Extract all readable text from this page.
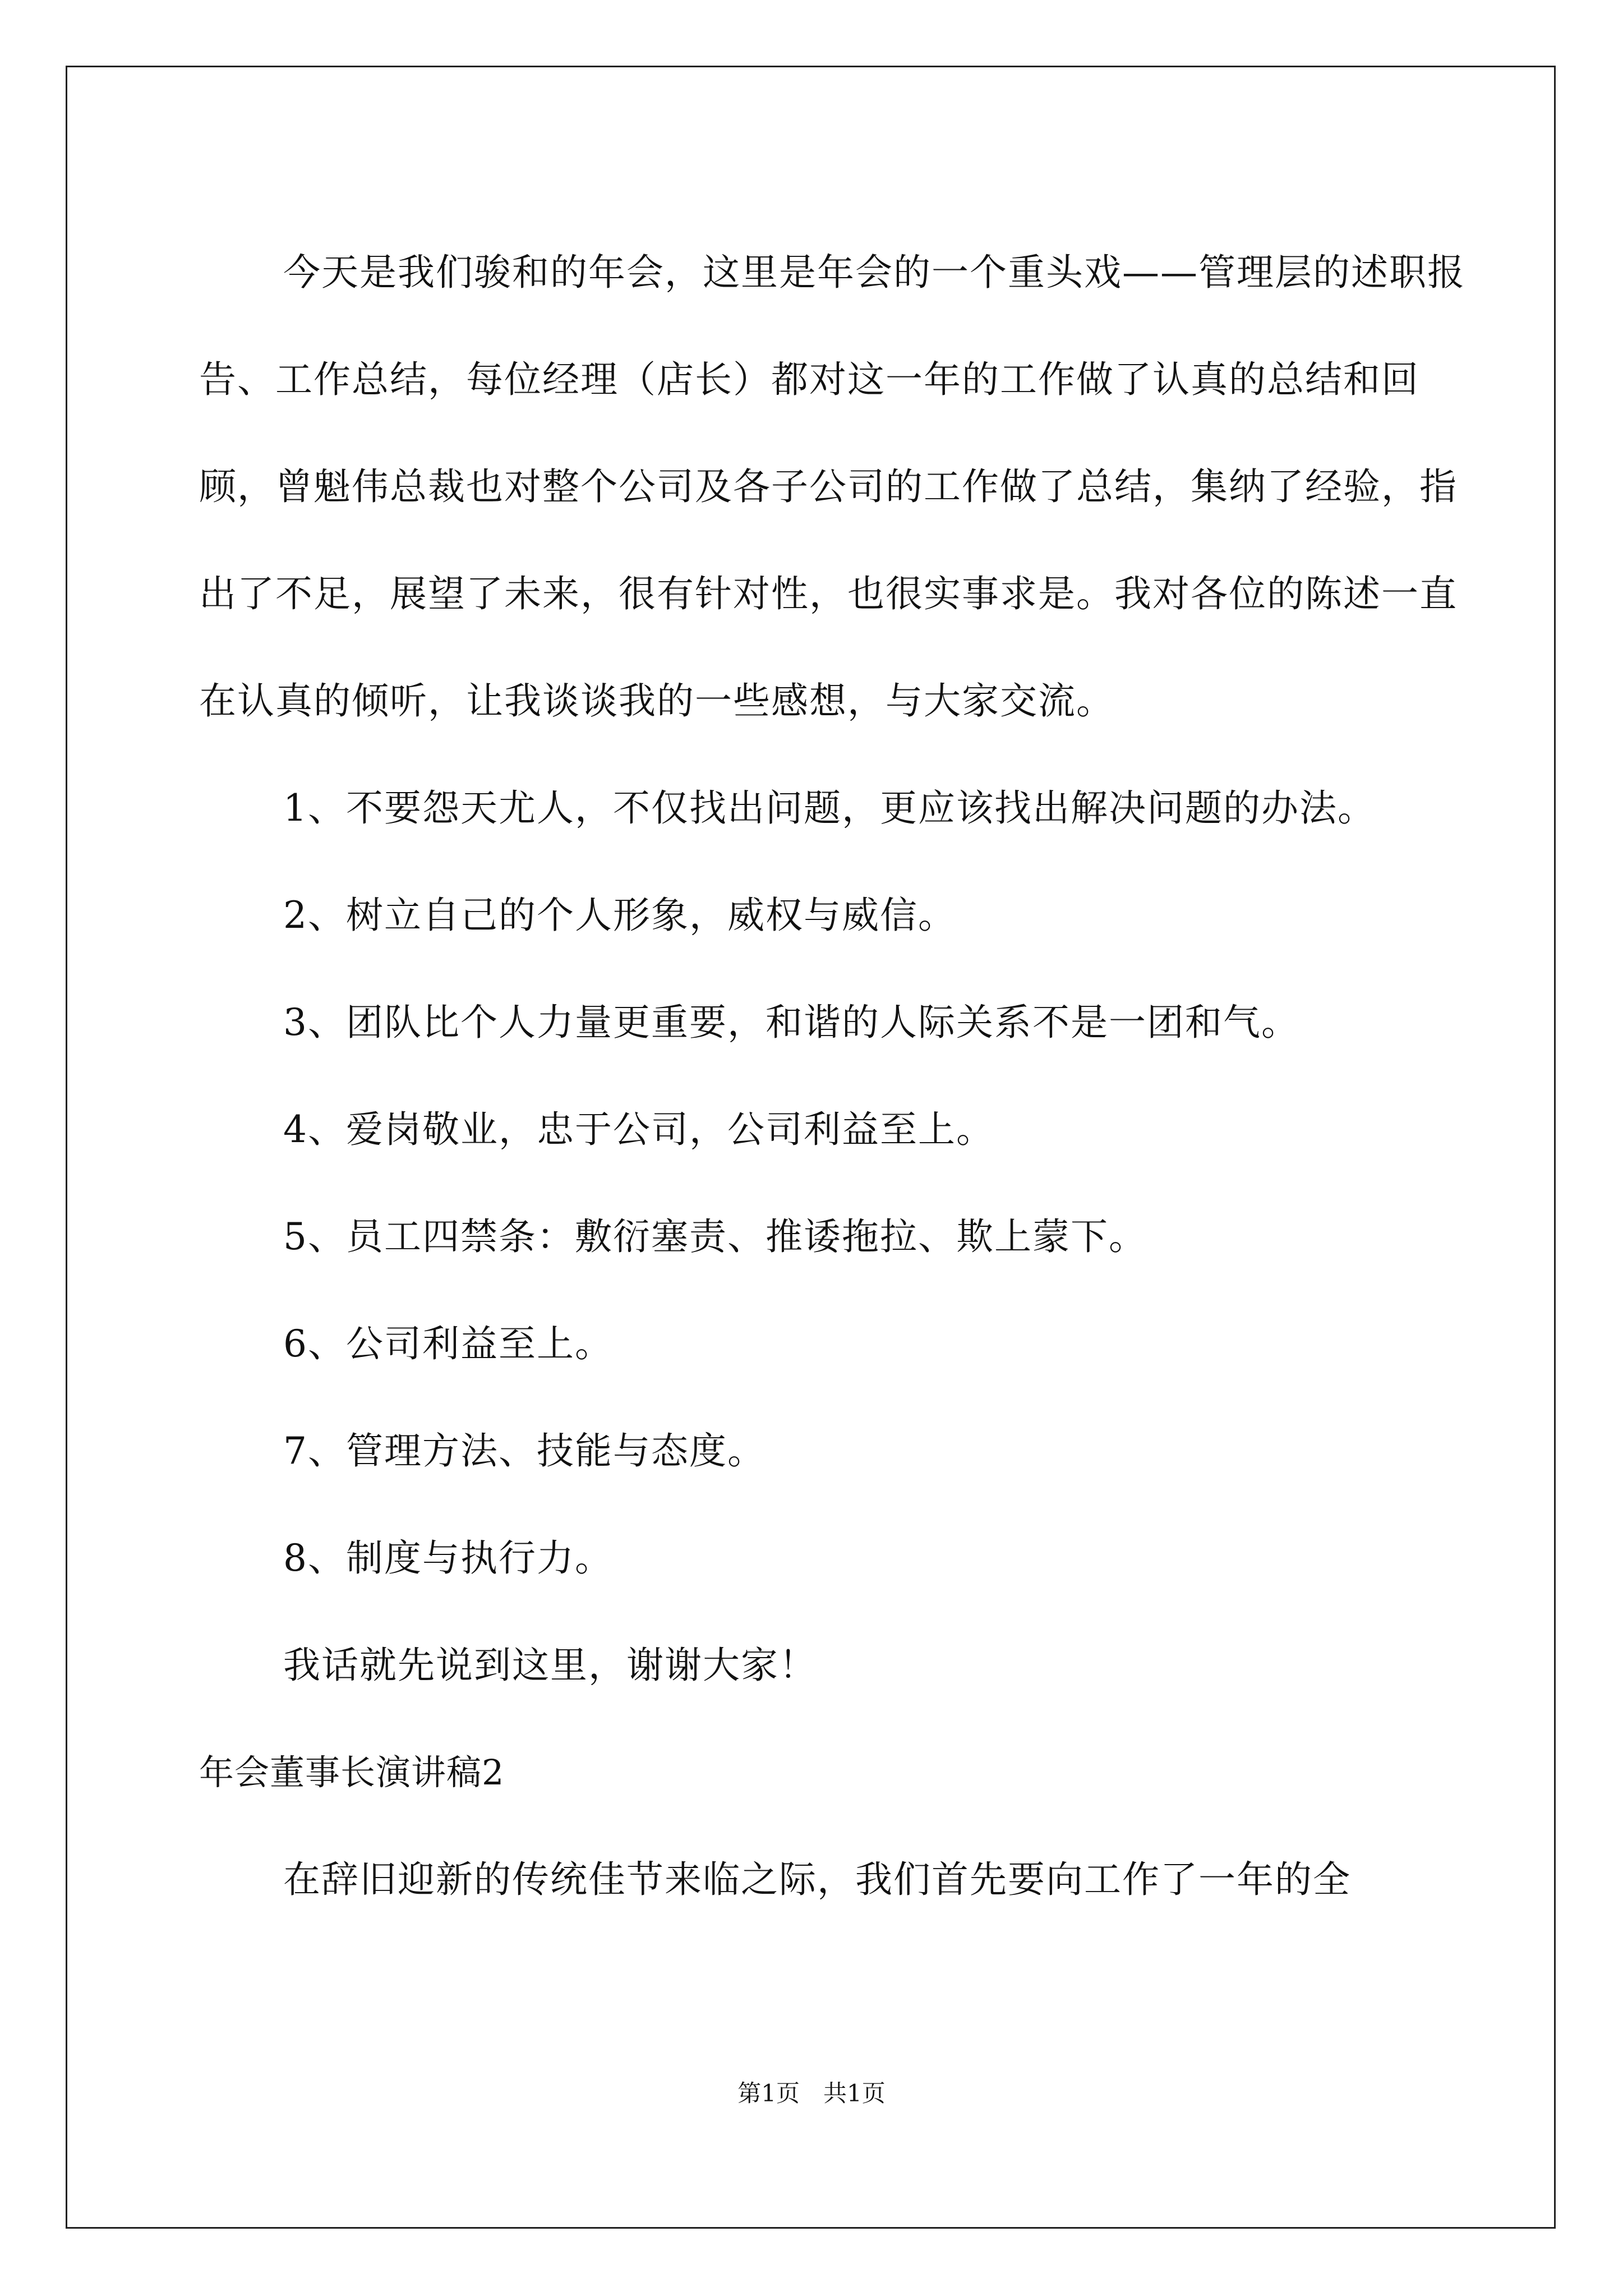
今天是我们骏和的年会，这里是年会的一个重头戏——管理层的述职报告、工作总结，每位经理（店长）都对这一年的工作做了认真的总结和回顾，曾魁伟总裁也对整个公司及各子公司的工作做了总结，集纳了经验，指出了不足，展望了未来，很有针对性，也很实事求是。我对各位的陈述一直在认真的倾听，让我谈谈我的一些感想，与大家交流。

1、不要怨天尤人，不仅找出问题，更应该找出解决问题的办法。

2、树立自己的个人形象，威权与威信。

3、团队比个人力量更重要，和谐的人际关系不是一团和气。

4、爱岗敬业，忠于公司，公司利益至上。

5、员工四禁条：敷衍塞责、推诿拖拉、欺上蒙下。

6、公司利益至上。

7、管理方法、技能与态度。

8、制度与执行力。

我话就先说到这里，谢谢大家！

年会董事长演讲稿2

在辞旧迎新的传统佳节来临之际，我们首先要向工作了一年的全

第1页　共1页
